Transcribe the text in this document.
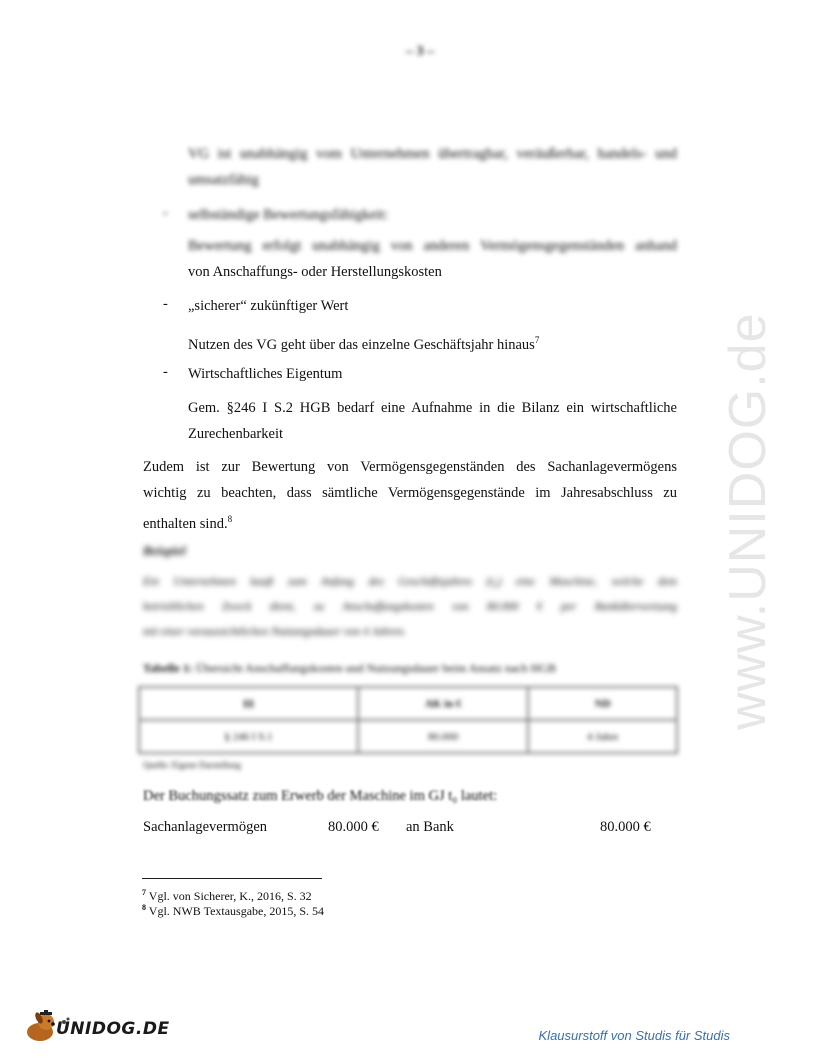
www.UNIDOG.de
– 3 –
VG ist unabhängig vom Unternehmen übertragbar, veräußerbar, handels- und
umsatzfähig
- selbständige Bewertungsfähigkeit:
Bewertung erfolgt unabhängig von anderen Vermögensgegenständen anhand
von Anschaffungs- oder Herstellungskosten
- „sicherer“ zukünftiger Wert
Nutzen des VG geht über das einzelne Geschäftsjahr hinaus$^7$
- Wirtschaftliches Eigentum
Gem. §246 I S.2 HGB bedarf eine Aufnahme in die Bilanz ein wirtschaftliche
Zurechenbarkeit
Zudem ist zur Bewertung von Vermögensgegenständen des Sachanlagevermögens
wichtig zu beachten, dass sämtliche Vermögensgegenstände im Jahresabschluss zu
enthalten sind.$^8$
Beispiel
Ein Unternehmen kauft zum Anfang des Geschäftsjahres (t₀) eine Maschine, welche dem
betrieblichen Zweck dient, zu Anschaffungskosten von 80.000 € per Banküberweisung
mit einer voraussichtlichen Nutzungsdauer von 4 Jahren.
Tabelle 1: Übersicht Anschaffungskosten und Nutzungsdauer beim Ansatz nach HGB
§§	AK in €	ND
§ 246 I S.1	80.000	4 Jahre
Quelle: Eigene Darstellung
Der Buchungssatz zum Erwerb der Maschine im GJ t₀ lautet:
Sachanlagevermögen	80.000 € an Bank	80.000 €
$^7$ Vgl. von Sicherer, K., 2016, S. 32
$^8$ Vgl. NWB Textausgabe, 2015, S. 54
UNIDOG.DE	Klausurstoff von Studis für Studis
